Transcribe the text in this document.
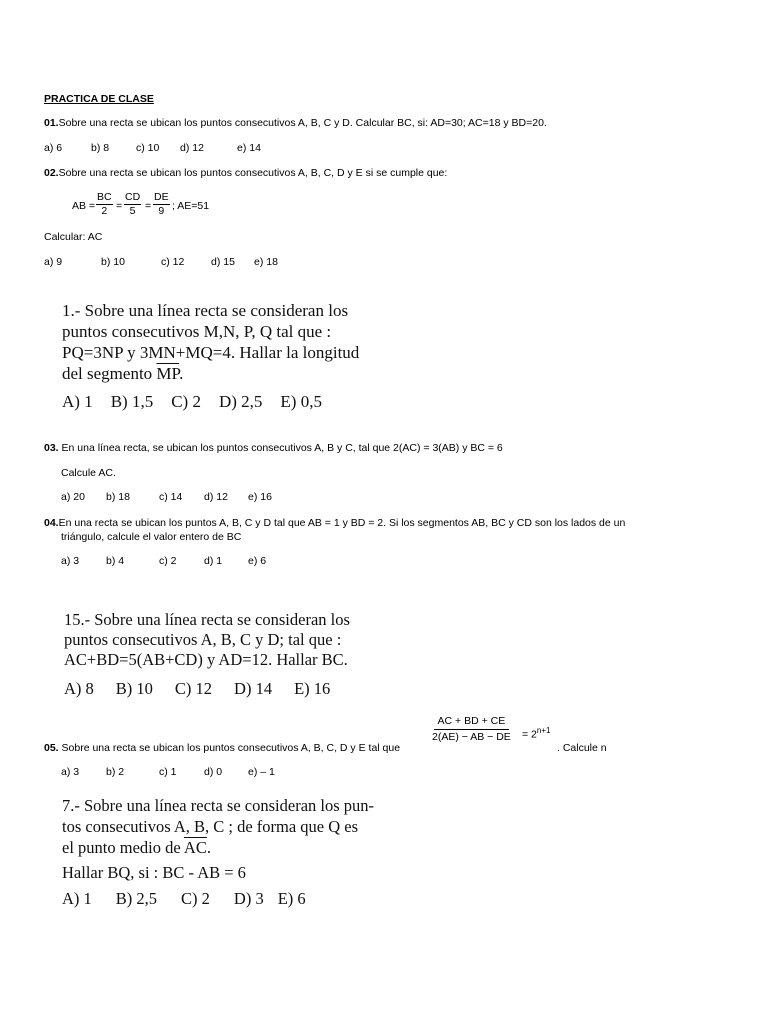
PRACTICA DE CLASE
01.Sobre una recta se ubican los puntos consecutivos A, B, C y D. Calcular BC, si: AD=30; AC=18 y BD=20.
a) 6	b) 8	c) 10 d) 12	e) 14
02.Sobre una recta se ubican los puntos consecutivos A, B, C, D y E si se cumple que:
AB = $\frac{BC}{2} = \frac{CD}{5} = \frac{DE}{9}$ ; AE=51
Calcular: AC
a) 9	b) 10	c) 12	d) 15 e) 18
1.- Sobre una línea recta se consideran los
puntos consecutivos M,N, P, Q tal que :
PQ=3NP y 3MN+MQ=4. Hallar la longitud
del segmento $\overline{MP}$.
A) 1 B) 1,5 C) 2 D) 2,5 E) 0,5
03. En una línea recta, se ubican los puntos consecutivos A, B y C, tal que 2(AC) = 3(AB) y BC = 6
Calcule AC.
a) 20 b) 18	c) 14 d) 12 e) 16
04.En una recta se ubican los puntos A, B, C y D tal que AB = 1 y BD = 2. Si los segmentos AB, BC y CD son los lados de un
triángulo, calcule el valor entero de BC
a) 3	b) 4	c) 2	d) 1 e) 6
15.- Sobre una línea recta se consideran los
puntos consecutivos A, B, C y D; tal que :
AC+BD=5(AB+CD) y AD=12. Hallar BC.
A) 8 B) 10 C) 12 D) 14 E) 16
05. Sobre una recta se ubican los puntos consecutivos A, B, C, D y E tal que
$\frac{AC + BD + CE}{2(AE) - AB - DE} = 2^{n+1}$
. Calcule n
a) 3	b) 2	c) 1	d) 0 e) – 1
7.- Sobre una línea recta se consideran los pun-
tos consecutivos A, B, C ; de forma que Q es
el punto medio de $\overline{AC}$.
Hallar BQ, si : BC - AB = 6
A) 1 B) 2,5 C) 2 D) 3 E) 6
